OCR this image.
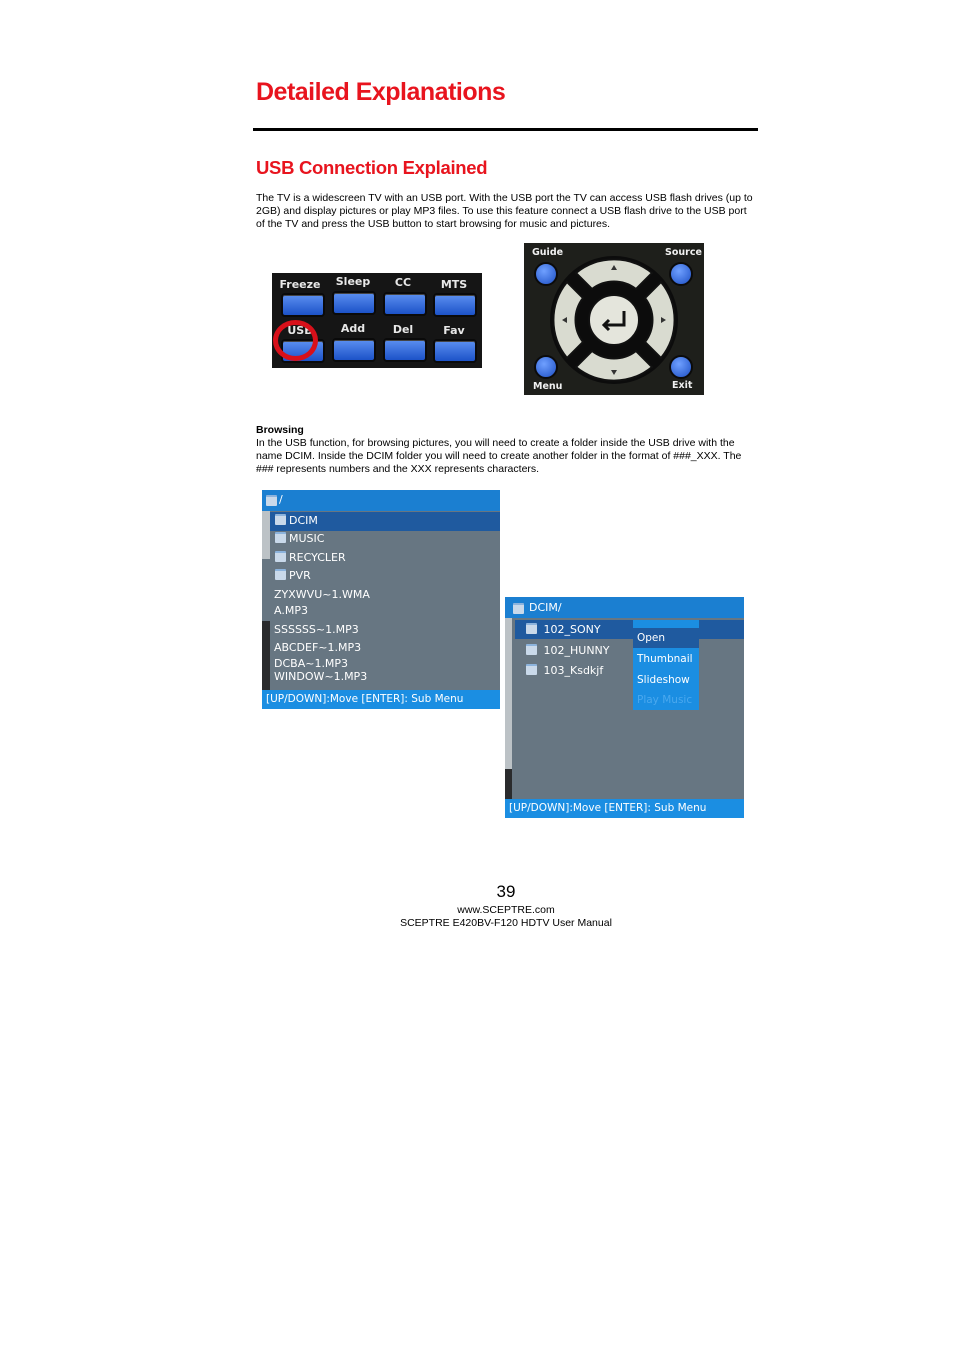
Detailed Explanations
USB Connection Explained

The TV is a widescreen TV with an USB port. With the USB port the TV can access USB flash drives (up to 2GB) and display pictures or play MP3 files. To use this feature connect a USB flash drive to the USB port of the TV and press the USB button to start browsing for music and pictures.

Freeze	Sleep	CC	MTS
USB	Add	Del	Fav
Guide	Source
Menu	Exit

Browsing

In the USB function, for browsing pictures, you will need to create a folder inside the USB drive with the name DCIM. Inside the DCIM folder you will need to create another folder in the format of ###_XXX. The ### represents numbers and the XXX represents characters.

/
DCIM
MUSIC
RECYCLER
PVR
ZYXWVU~1.WMA
A.MP3
SSSSSS~1.MP3
ABCDEF~1.MP3
DCBA~1.MP3
WINDOW~1.MP3
[UP/DOWN]:Move [ENTER]: Sub Menu
DCIM/
102_SONY
102_HUNNY
103_Ksdkjf
Open
Thumbnail
Slideshow
Play Music
[UP/DOWN]:Move [ENTER]: Sub Menu

39

www.SCEPTRE.com

SCEPTRE E420BV-F120 HDTV User Manual
